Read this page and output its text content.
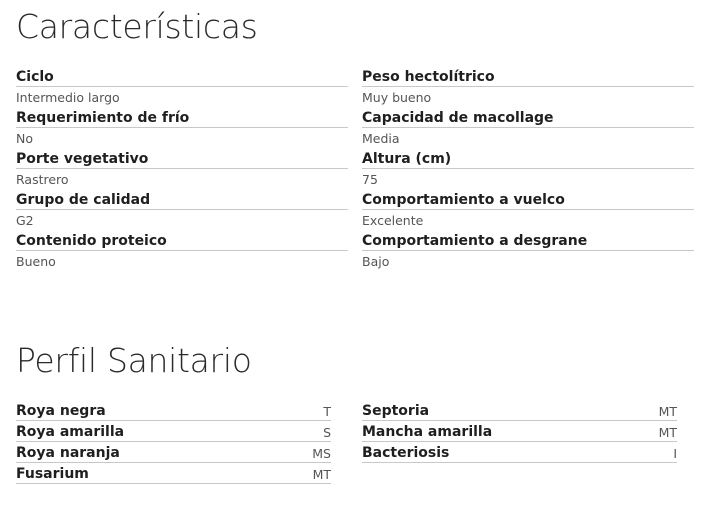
Características
Ciclo
Intermedio largo
Requerimiento de frío
No
Porte vegetativo
Rastrero
Grupo de calidad
G2
Contenido proteico
Bueno
Peso hectolítrico
Muy bueno
Capacidad de macollage
Media
Altura (cm)
75
Comportamiento a vuelco
Excelente
Comportamiento a desgrane
Bajo
Perfil Sanitario
Roya negra	T
Roya amarilla	S
Roya naranja	MS
Fusarium	MT
Septoria	MT
Mancha amarilla	MT
Bacteriosis	I
